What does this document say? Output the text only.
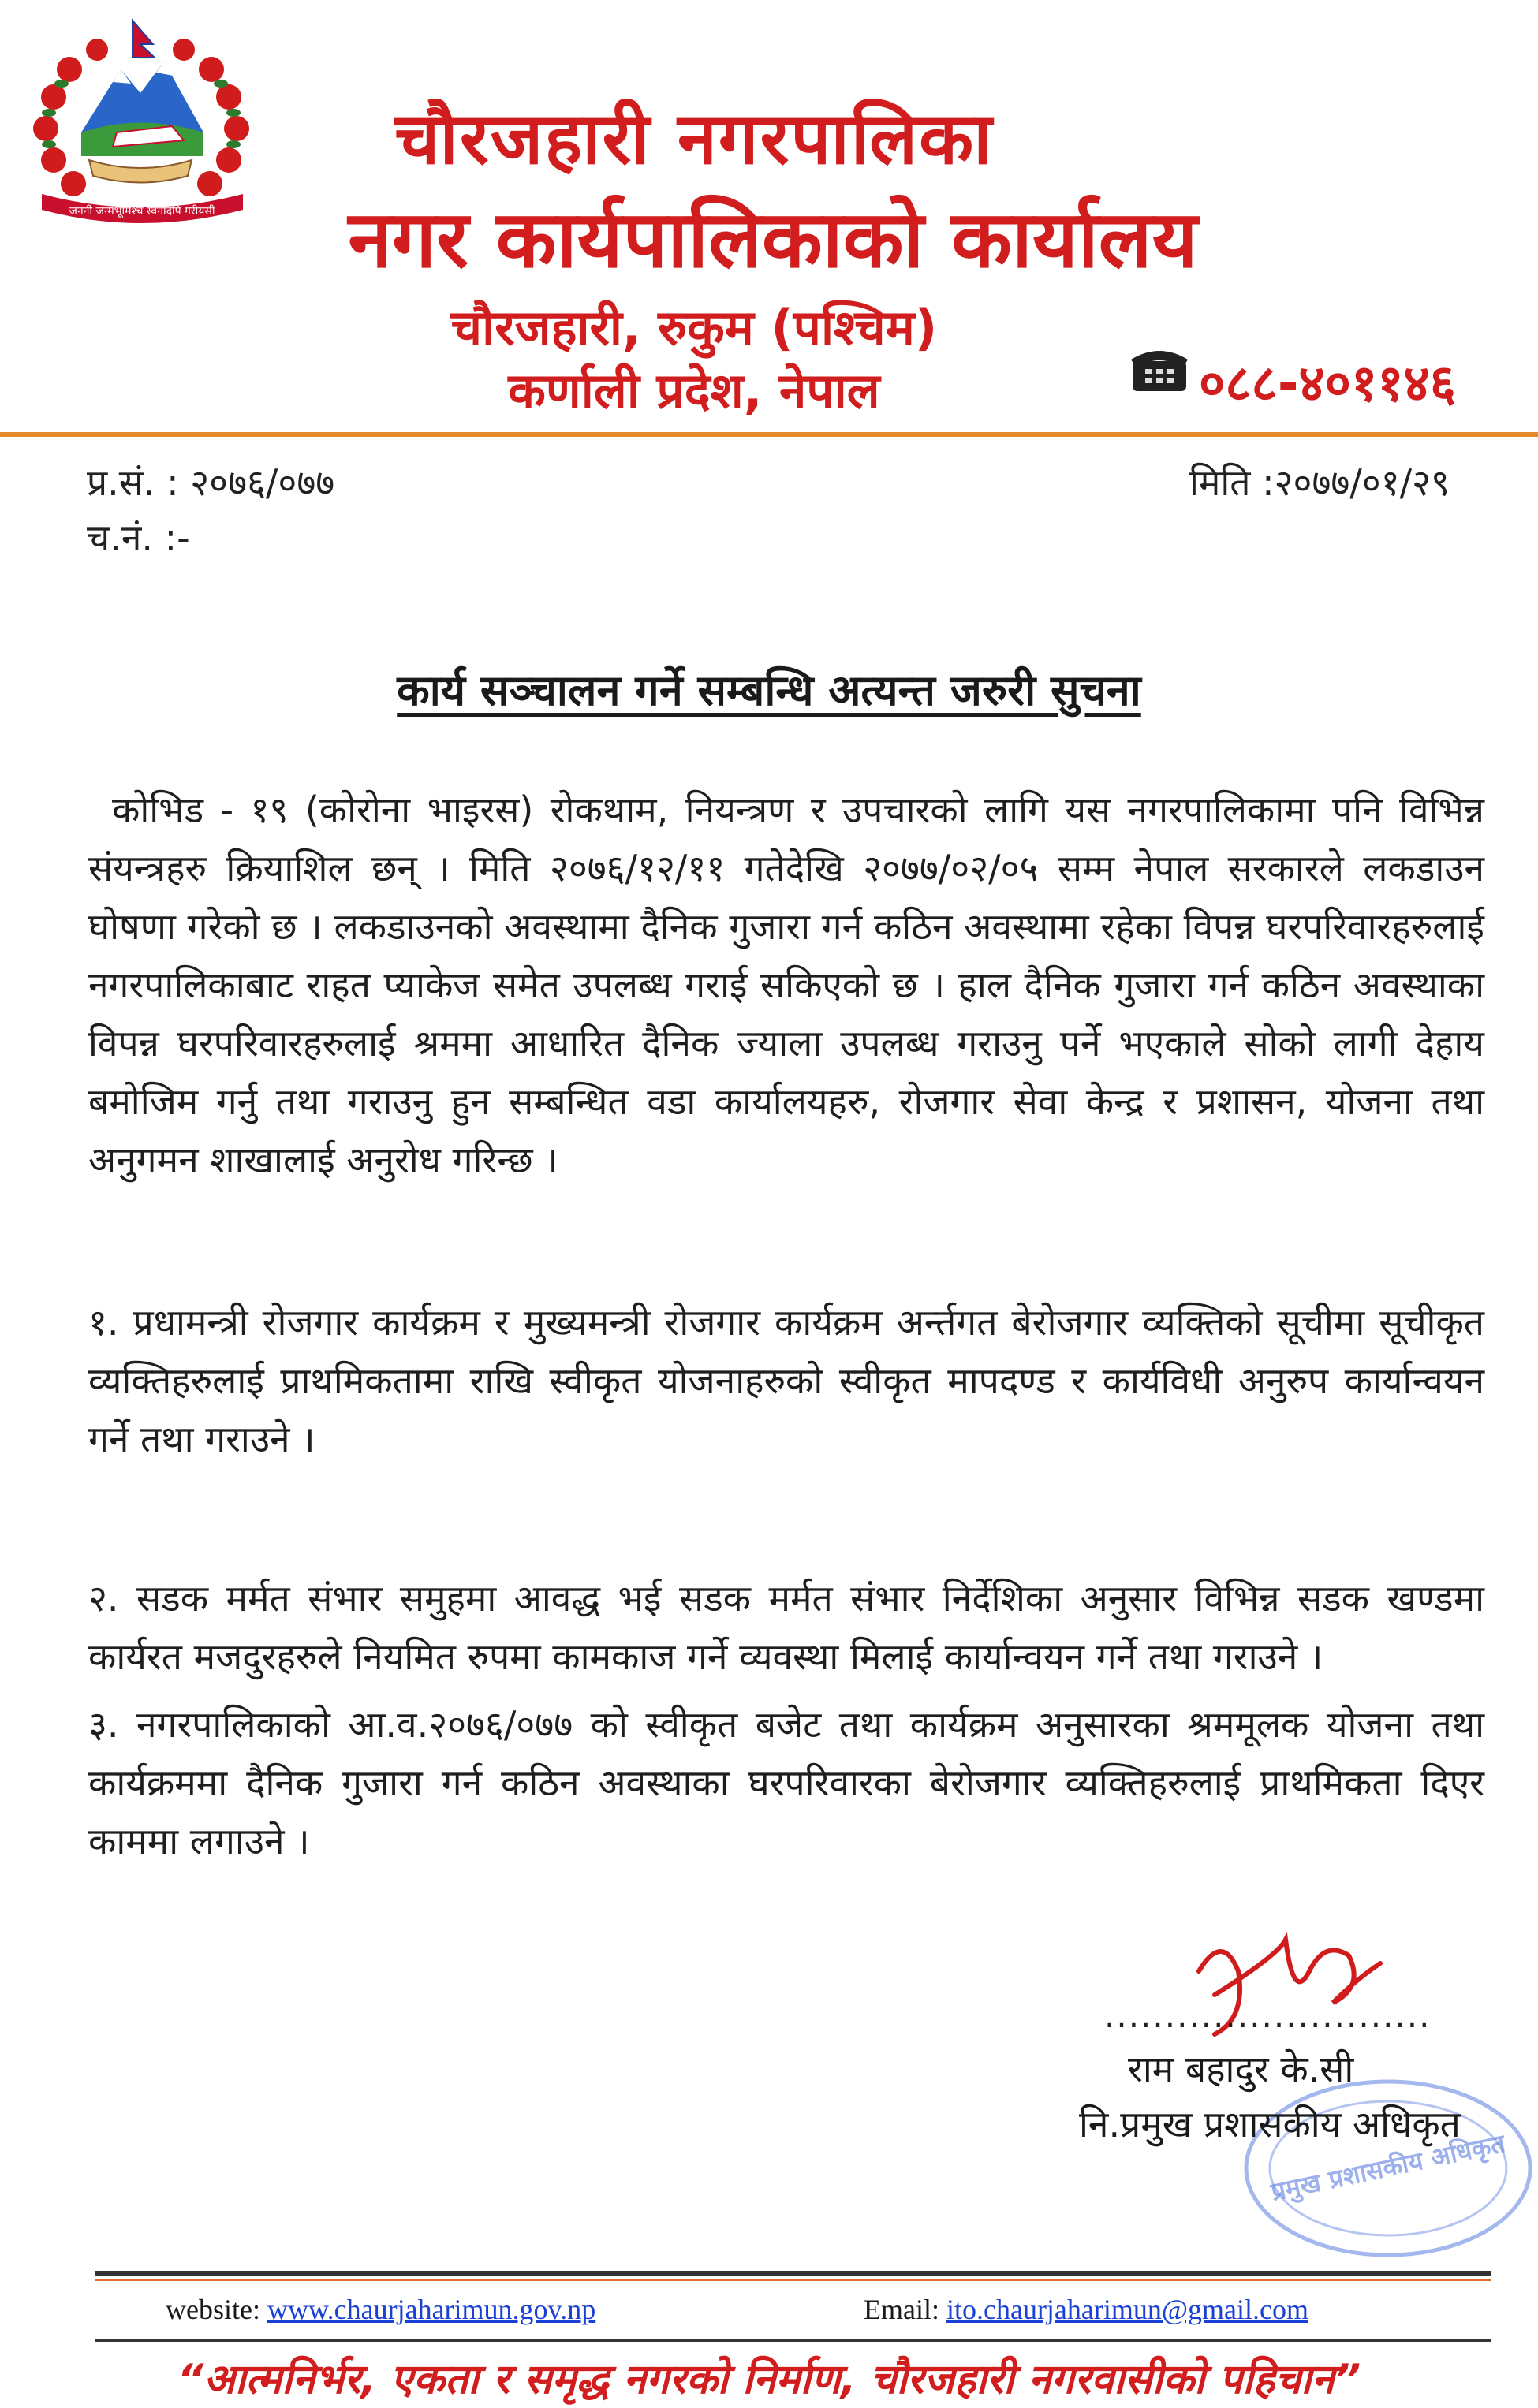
जननी जन्मभूमिश्च स्वर्गादपि गरीयसी
चौरजहारी नगरपालिका
नगर कार्यपालिकाको कार्यालय
चौरजहारी, रुकुम (पश्चिम)
कर्णाली प्रदेश, नेपाल	०८८-४०११४६
प्र.सं. : २०७६/०७७
च.नं. :-
मिति :२०७७/०१/२९
कार्य सञ्चालन गर्ने सम्बन्धि अत्यन्त जरुरी सुचना
कोभिड - १९ (कोरोना भाइरस) रोकथाम, नियन्त्रण र उपचारको लागि यस नगरपालिकामा पनि विभिन्न संयन्त्रहरु क्रियाशिल छन् । मिति २०७६/१२/११ गतेदेखि २०७७/०२/०५ सम्म नेपाल सरकारले लकडाउन घोषणा गरेको छ । लकडाउनको अवस्थामा दैनिक गुजारा गर्न कठिन अवस्थामा रहेका विपन्न घरपरिवारहरुलाई नगरपालिकाबाट राहत प्याकेज समेत उपलब्ध गराई सकिएको छ । हाल दैनिक गुजारा गर्न कठिन अवस्थाका विपन्न घरपरिवारहरुलाई श्रममा आधारित दैनिक ज्याला उपलब्ध गराउनु पर्ने भएकाले सोको लागी देहाय बमोजिम गर्नु तथा गराउनु हुन सम्बन्धित वडा कार्यालयहरु, रोजगार सेवा केन्द्र र प्रशासन, योजना तथा अनुगमन शाखालाई अनुरोध गरिन्छ ।
१. प्रधामन्त्री रोजगार कार्यक्रम र मुख्यमन्त्री रोजगार कार्यक्रम अर्न्तगत बेरोजगार व्यक्तिको सूचीमा सूचीकृत व्यक्तिहरुलाई प्राथमिकतामा राखि स्वीकृत योजनाहरुको स्वीकृत मापदण्ड र कार्यविधी अनुरुप कार्यान्वयन गर्ने तथा गराउने ।
२. सडक मर्मत संभार समुहमा आवद्ध भई सडक मर्मत संभार निर्देशिका अनुसार विभिन्न सडक खण्डमा कार्यरत मजदुरहरुले नियमित रुपमा कामकाज गर्ने व्यवस्था मिलाई कार्यान्वयन गर्ने तथा गराउने ।
३. नगरपालिकाको आ.व.२०७६/०७७ को स्वीकृत बजेट तथा कार्यक्रम अनुसारका श्रममूलक योजना तथा कार्यक्रममा दैनिक गुजारा गर्न कठिन अवस्थाका घरपरिवारका बेरोजगार व्यक्तिहरुलाई प्राथमिकता दिएर काममा लगाउने ।
प्रमुख प्रशासकीय अधिकृत
...........................
राम बहादुर के.सी
नि.प्रमुख प्रशासकीय अधिकृत
website: www.chaurjaharimun.gov.np	Email: ito.chaurjaharimun@gmail.com
“आत्मनिर्भर, एकता र समृद्ध नगरको निर्माण, चौरजहारी नगरवासीको पहिचान”
